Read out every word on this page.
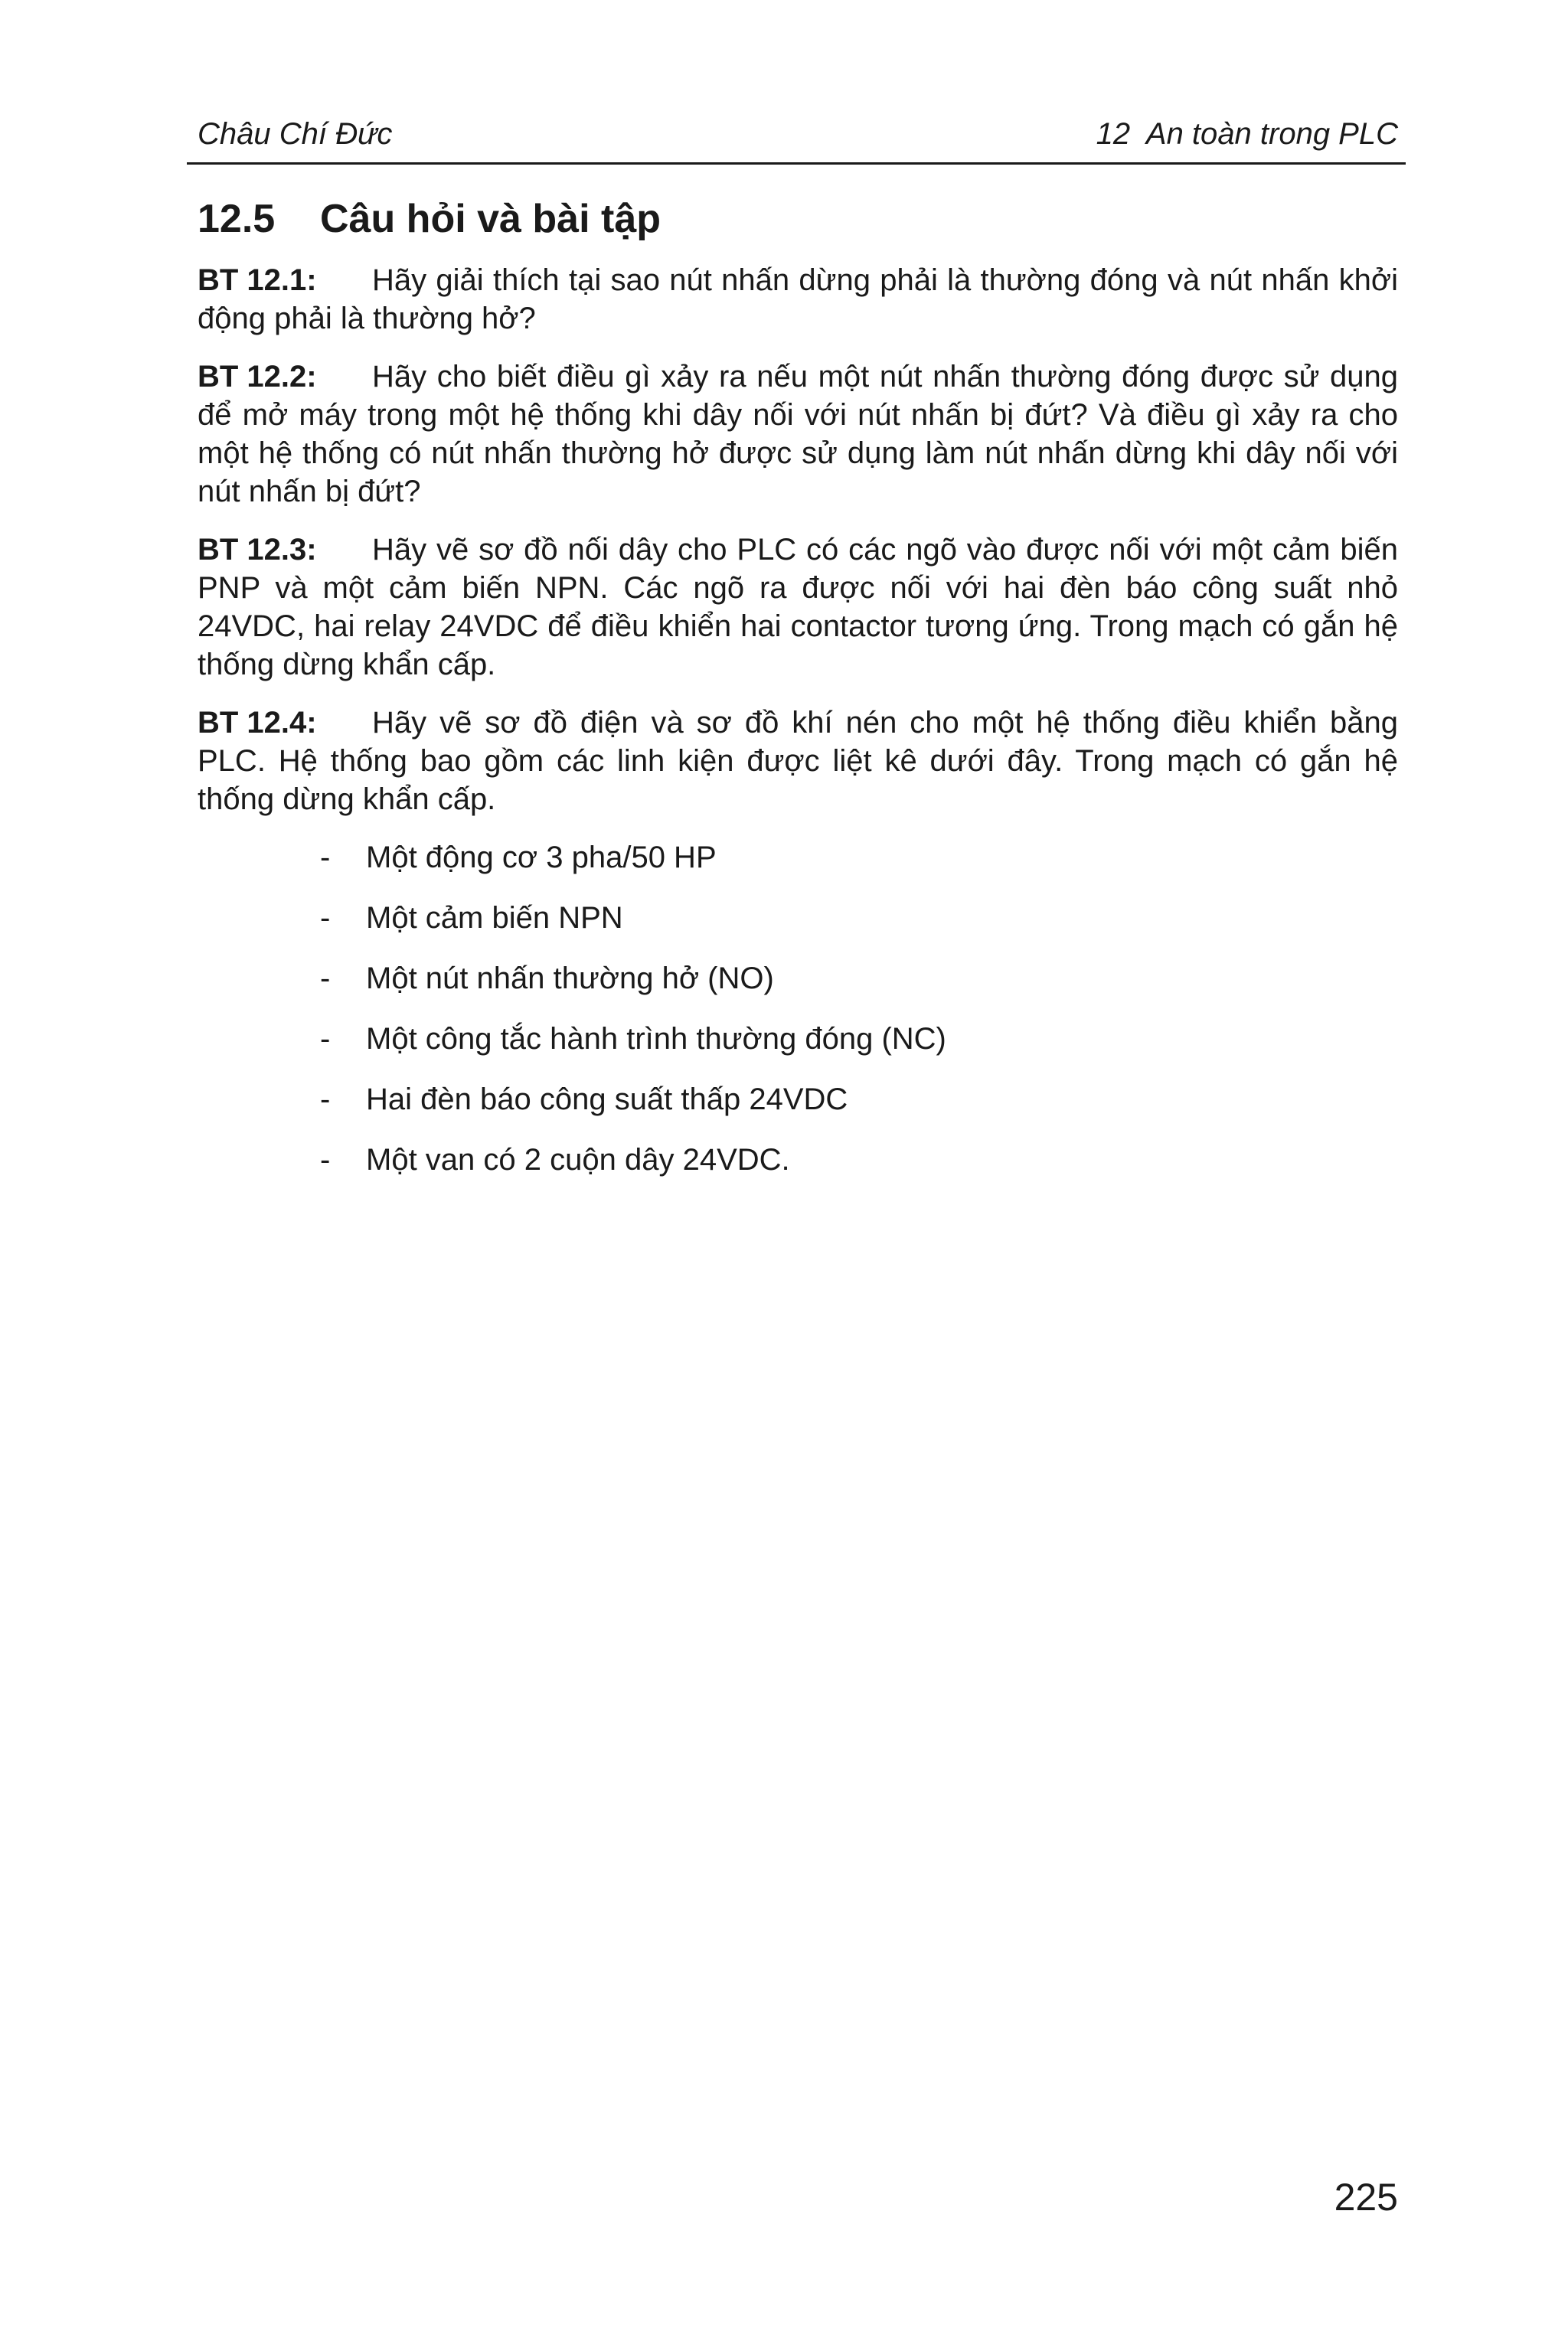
Châu Chí Đức	12  An toàn trong PLC
12.5 Câu hỏi và bài tập

BT 12.1: Hãy giải thích tại sao nút nhấn dừng phải là thường đóng và nút nhấn khởi động phải là thường hở?

BT 12.2: Hãy cho biết điều gì xảy ra nếu một nút nhấn thường đóng được sử dụng để mở máy trong một hệ thống khi dây nối với nút nhấn bị đứt? Và điều gì xảy ra cho một hệ thống có nút nhấn thường hở được sử dụng làm nút nhấn dừng khi dây nối với nút nhấn bị đứt?

BT 12.3: Hãy vẽ sơ đồ nối dây cho PLC có các ngõ vào được nối với một cảm biến PNP và một cảm biến NPN. Các ngõ ra được nối với hai đèn báo công suất nhỏ 24VDC, hai relay 24VDC để điều khiển hai contactor tương ứng. Trong mạch có gắn hệ thống dừng khẩn cấp.

BT 12.4: Hãy vẽ sơ đồ điện và sơ đồ khí nén cho một hệ thống điều khiển bằng PLC. Hệ thống bao gồm các linh kiện được liệt kê dưới đây. Trong mạch có gắn hệ thống dừng khẩn cấp.

- Một động cơ 3 pha/50 HP
- Một cảm biến NPN
- Một nút nhấn thường hở (NO)
- Một công tắc hành trình thường đóng (NC)
- Hai đèn báo công suất thấp 24VDC
- Một van có 2 cuộn dây 24VDC.
225
